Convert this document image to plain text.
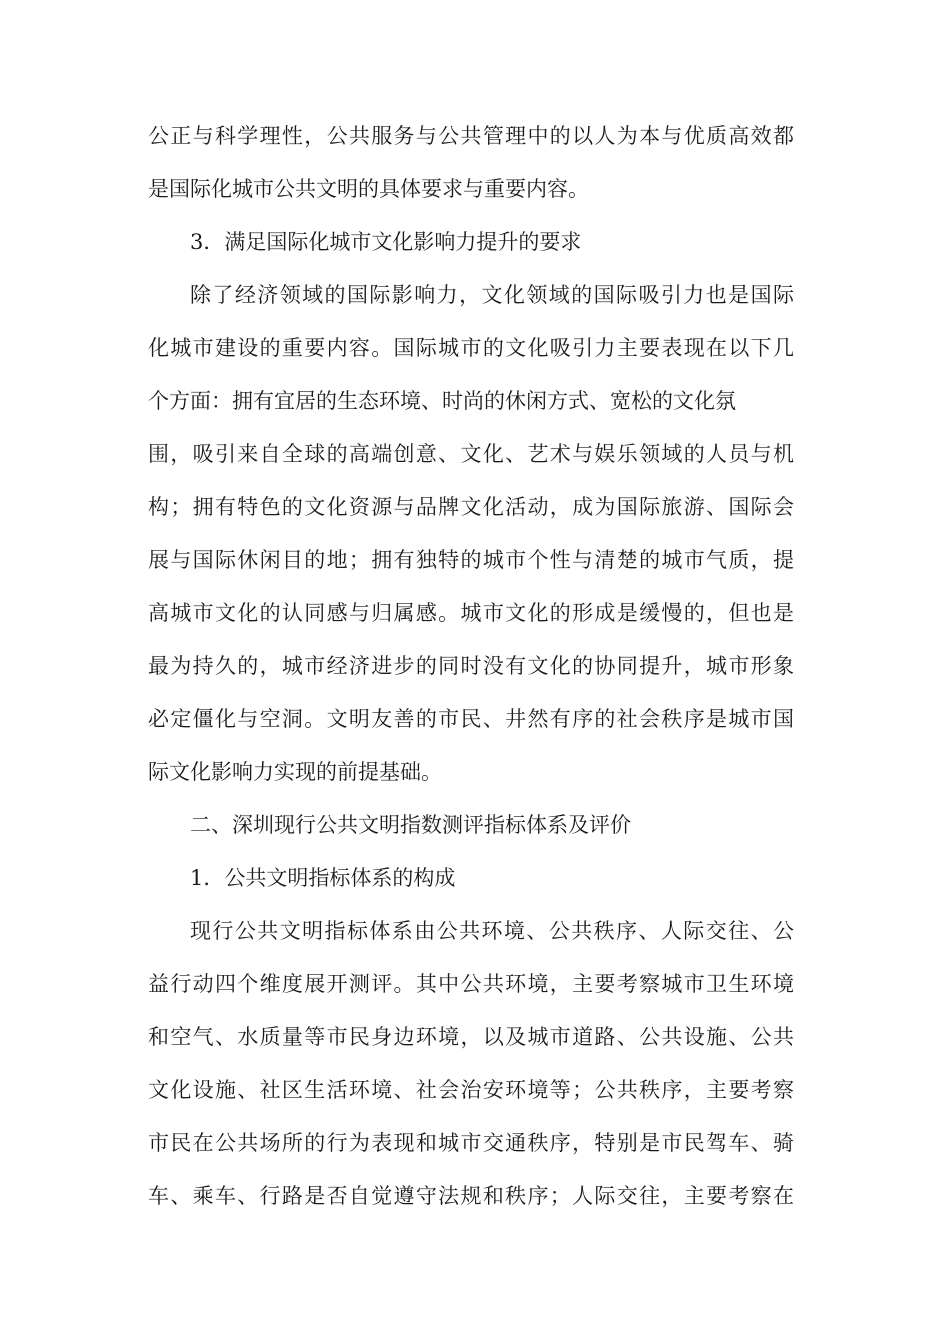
公正与科学理性，公共服务与公共管理中的以人为本与优质高效都
是国际化城市公共文明的具体要求与重要内容。
3．满足国际化城市文化影响力提升的要求
除了经济领域的国际影响力，文化领域的国际吸引力也是国际
化城市建设的重要内容。国际城市的文化吸引力主要表现在以下几
个方面：拥有宜居的生态环境、时尚的休闲方式、宽松的文化氛
围，吸引来自全球的高端创意、文化、艺术与娱乐领域的人员与机
构；拥有特色的文化资源与品牌文化活动，成为国际旅游、国际会
展与国际休闲目的地；拥有独特的城市个性与清楚的城市气质，提
高城市文化的认同感与归属感。城市文化的形成是缓慢的，但也是
最为持久的，城市经济进步的同时没有文化的协同提升，城市形象
必定僵化与空洞。文明友善的市民、井然有序的社会秩序是城市国
际文化影响力实现的前提基础。
二、深圳现行公共文明指数测评指标体系及评价
1．公共文明指标体系的构成
现行公共文明指标体系由公共环境、公共秩序、人际交往、公
益行动四个维度展开测评。其中公共环境，主要考察城市卫生环境
和空气、水质量等市民身边环境，以及城市道路、公共设施、公共
文化设施、社区生活环境、社会治安环境等；公共秩序，主要考察
市民在公共场所的行为表现和城市交通秩序，特别是市民驾车、骑
车、乘车、行路是否自觉遵守法规和秩序；人际交往，主要考察在
